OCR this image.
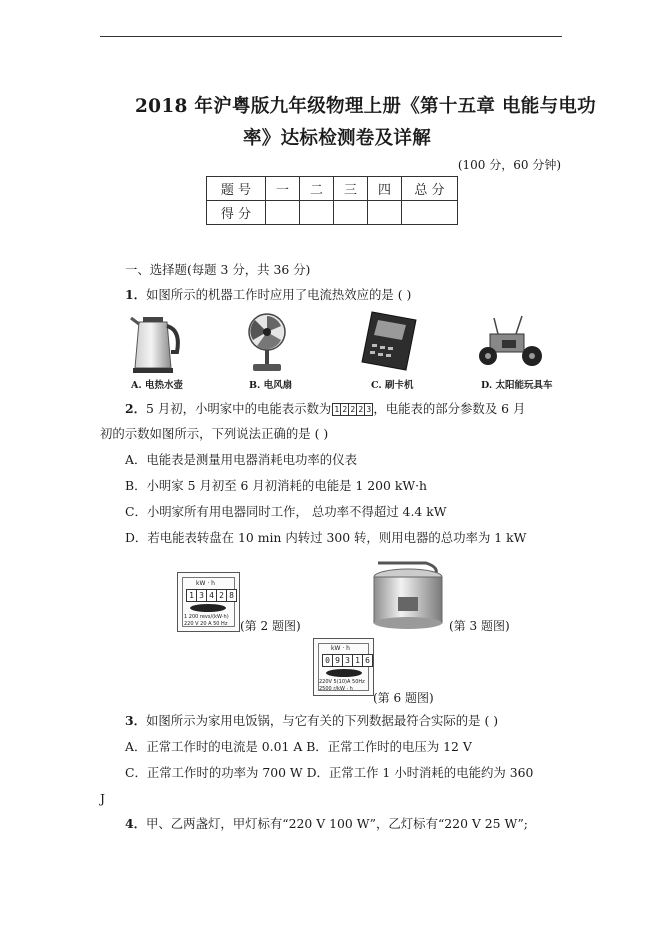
2018 年沪粤版九年级物理上册《第十五章 电能与电功
率》达标检测卷及详解
(100 分，60 分钟)
题 号	一	二	三	四	总 分
得 分					
一、选择题(每题 3 分，共 36 分)
1．如图所示的机器工作时应用了电流热效应的是 ( )
A. 电热水壶	B. 电风扇	C. 刷卡机	D. 太阳能玩具车
2．5 月初，小明家中的电能表示数为 1 2 2 2 3 ，电能表的部分参数及 6 月
初的示数如图所示，下列说法正确的是 ( )
A．电能表是测量用电器消耗电功率的仪表
B．小明家 5 月初至 6 月初消耗的电能是 1 200 kW·h
C．小明家所有用电器同时工作， 总功率不得超过 4.4 kW
D．若电能表转盘在 10 min 内转过 300 转，则用电器的总功率为 1 kW
kW · h
1 3 4 2 8
1 200 revs/(kW·h)
220 V 20 A 50 Hz (第 2 题图)	(第 3 题图)
kW · h
0 9 3 1 6
220V 5(10)A 50Hz
2500 r/kW · h
(第 6 题图)
3．如图所示为家用电饭锅，与它有关的下列数据最符合实际的是 ( )
A．正常工作时的电流是 0.01 A B．正常工作时的电压为 12 V
C．正常工作时的功率为 700 W D．正常工作 1 小时消耗的电能约为 360
J
4．甲、乙两盏灯，甲灯标有“220 V 100 W”，乙灯标有“220 V 25 W”;
